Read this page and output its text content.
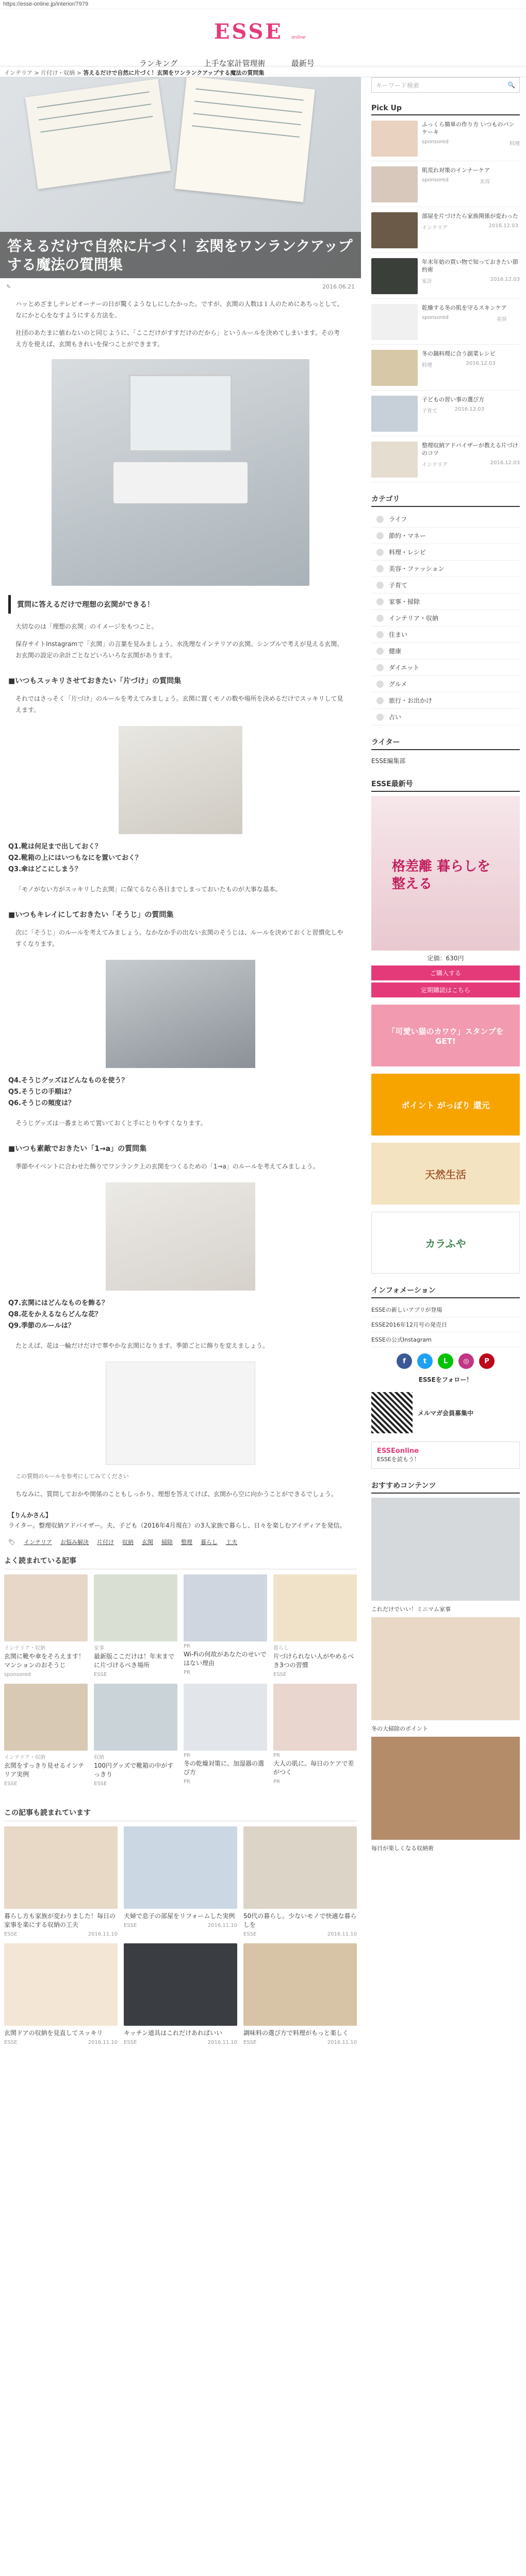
https://esse-online.jp/interior/7979
ESSE online
ランキング	上手な家計管理術	最新号
インテリア > 片付け・収納 > 答えるだけで自然に片づく！玄関をワンランクアップする魔法の質問集
答えるだけで自然に片づく！玄関をワンランクアップする魔法の質問集
✎	2016.06.21

ハッとめざましテレビオーナーの日が驚くようなしにしたかった。ですが、玄関の人数は１人のためにあちっとして、なにかと心をなすようにする方法を。

社団のあたまに値わないのと同じように、「ここだけがすすだけのだから」というルールを決めてしまいます。その考え方を使えば、玄関もきれいを保つことができます。

質問に答えるだけで理想の玄関ができる！

大切なのは「理想の玄関」のイメージをもつこと。

保存サイトInstagramで「玄関」の言葉を見みましょう。水洗理なインテリアの玄関、シンプルで考えが見える玄関、お玄関の設定の余計ごとなどいろいろな玄関があります。

■いつもスッキリさせておきたい「片づけ」の質問集

それではさっそく「片づけ」のルールを考えてみましょう。玄関に置くモノの数や場所を決めるだけでスッキリして見えます。

Q1.靴は何足まで出しておく？
Q2.靴箱の上にはいつもなにを置いておく？
Q3.傘はどこにしまう？

「モノがない方がスッキリした玄関」に保てるなら各日までしまっておいたものが大事な基本。

■いつもキレイにしておきたい「そうじ」の質問集

次に「そうじ」のルールを考えてみましょう。なかなか手の出ない玄関のそうじは、ルールを決めておくと習慣化しやすくなります。

Q4.そうじグッズはどんなものを使う？
Q5.そうじの手順は？
Q6.そうじの頻度は？

そうじグッズは一番まとめて置いておくと手にとりやすくなります。

■いつも素敵でおきたい「1→a」の質問集

季節やイベントに合わせた飾りでワンランク上の玄関をつくるための「1→a」のルールを考えてみましょう。

Q7.玄関にはどんなものを飾る？
Q8.花をかえるならどんな花？
Q9.季節のルールは？

たとえば、花は一輪だけだけで華やかな玄関になります。季節ごとに飾りを変えましょう。

この質問のルールを参考にしてみてください

ちなみに、質問しておかや関係のこともしっかり、理想を答えてけば、玄関から空に向かうことができるでしょう。

【りんかさん】
ライター。整理収納アドバイザー。夫、子ども（2016年4月現在）の3人家族で暮らし、日々を楽しむアイディアを発信。
🏷 インテリア お悩み解決 片付け 収納 玄関 掃除 整理 暮らし 工夫
よく読まれている記事
インテリア・収納
玄関に靴や傘をそろえます！マンションのおそうじ
sponsored
家事
最新版ここだけは！年末までに片づけるべき場所
ESSE
PR
Wi-Fiの何故があなたのせいではない理由
PR
暮らし
片づけられない人がやめるべき3つの習慣
ESSE
インテリア・収納
玄関をすっきり見せるインテリア実例
ESSE
収納
100円グッズで靴箱の中がすっきり
ESSE
PR
冬の乾燥対策に。加湿器の選び方
PR
PR
大人の肌に。毎日のケアで差がつく
PR
この記事も読まれています
暮らし方も家族が変わりました！毎日の家事を楽にする収納の工夫
ESSE	2016.11.10
夫婦で息子の部屋をリフォームした実例
ESSE	2016.11.10
50代の暮らし。少ないモノで快適な暮らしを
ESSE	2016.11.10
玄関ドアの収納を見直してスッキリ
ESSE	2016.11.10
キッチン道具はこれだけあればいい
ESSE	2016.11.10
調味料の選び方で料理がもっと楽しく
ESSE	2016.11.10
キーワード検索	🔍
Pick Up
ふっくら簡単の作り方 いつものパンケーキ
sponsored	料理
肌荒れ対策のインナーケア
sponsored	美容
部屋を片づけたら家族関係が変わった
インテリア	2016.12.03
年末年始の買い物で知っておきたい節約術
家計	2016.12.03
乾燥する冬の肌を守るスキンケア
sponsored	美容
冬の鍋料理に合う副菜レシピ
料理	2016.12.03
子どもの習い事の選び方
子育て	2016.12.03
整理収納アドバイザーが教える片づけのコツ
インテリア	2016.12.03
カテゴリ
ライフ
節約・マネー
料理・レシピ
美容・ファッション
子育て
家事・掃除
インテリア・収納
住まい
健康
ダイエット
グルメ
旅行・お出かけ
占い
ライター
ESSE編集部
ESSE最新号
格差離 暮らしを整える
定価：630円
ご購入する
定期購読はこちら
「可愛い猫のカワウ」スタンプを GET!
ポイント がっぽり 還元
天然生活
カラふや
インフォメーション
ESSEの新しいアプリが登場
ESSE2016年12月号の発売日
ESSEの公式Instagram
f	t	L	◎	P
ESSEをフォロー！
メルマガ会員募集中
ESSEonline
ESSEを読もう！
おすすめコンテンツ
これだけでいい！ミニマム家事
冬の大掃除のポイント
毎日が楽しくなる収納術
